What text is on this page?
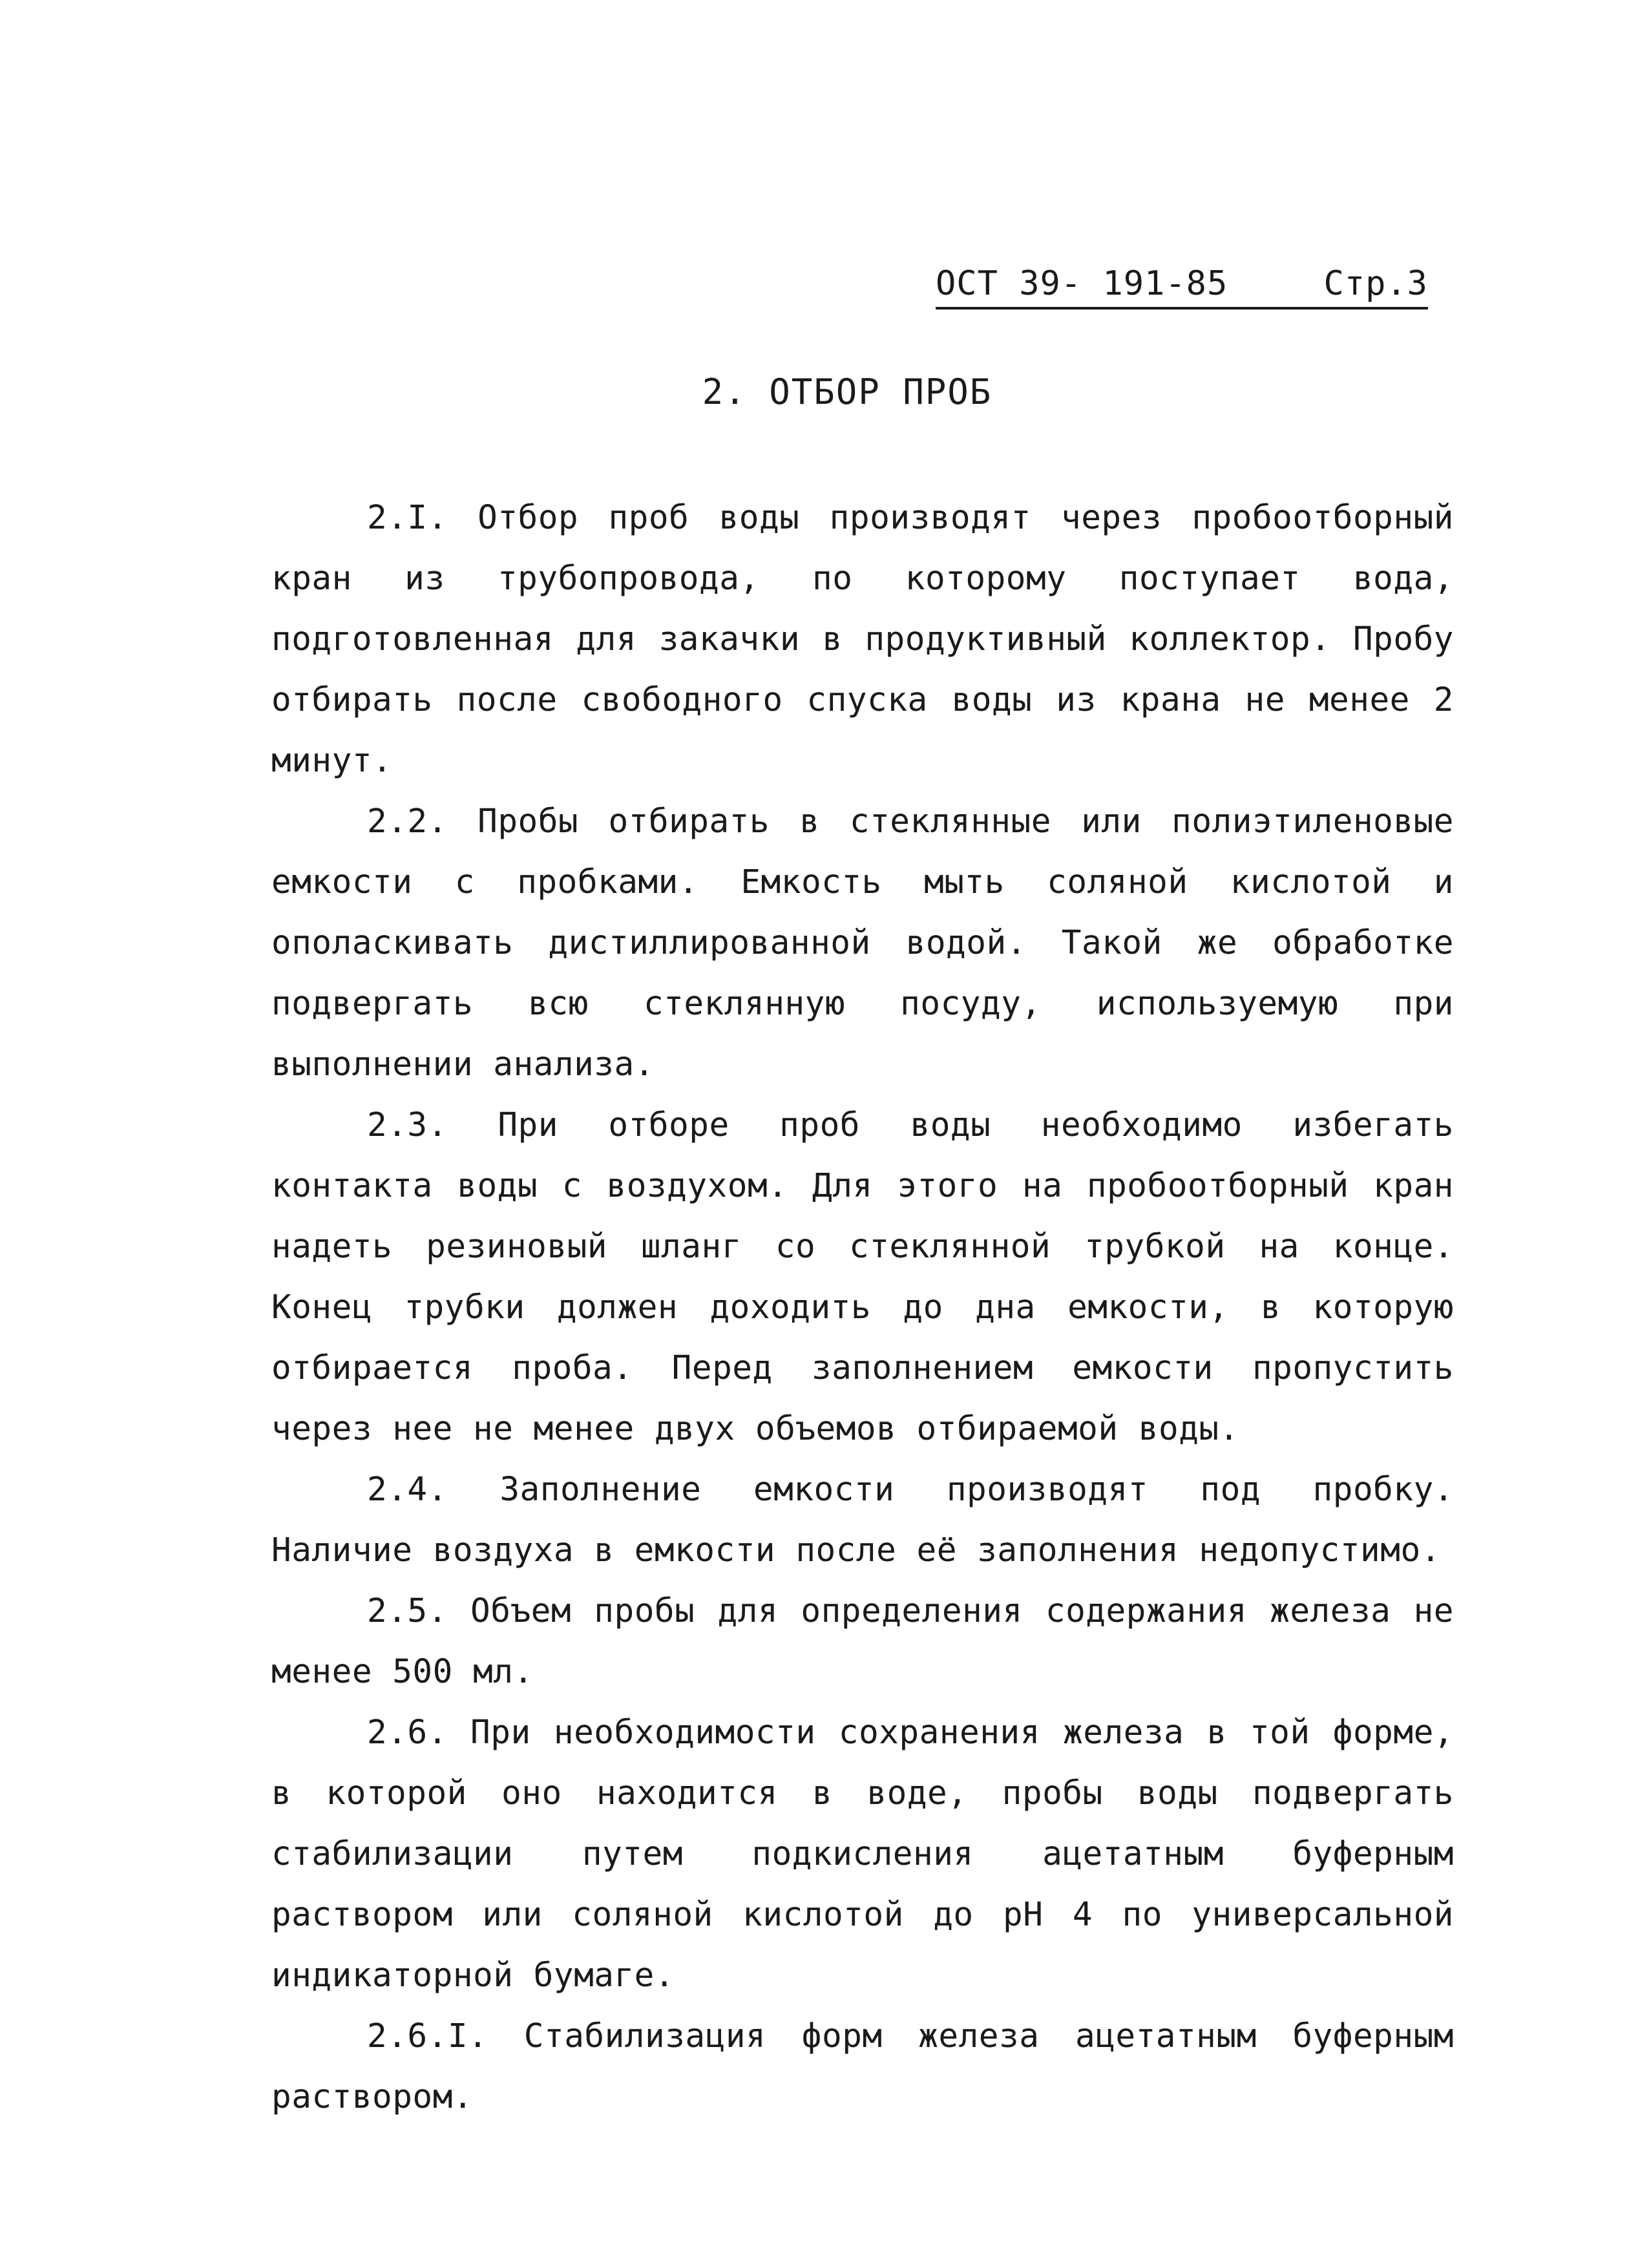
ОСТ 39- 191-85	Стр.3
2. ОТБОР ПРОБ

2.I. Отбор проб воды производят через пробоотборный кран из трубопровода, по которому поступает вода, подготовленная для закачки в продуктивный коллектор. Пробу отбирать после свободного спуска воды из крана не менее 2 минут.

2.2. Пробы отбирать в стеклянные или полиэтиленовые емкости с пробками. Емкость мыть соляной кислотой и ополаскивать дистиллированной водой. Такой же обработке подвергать всю стеклянную посуду, используемую при выполнении анализа.

2.3. При отборе проб воды необходимо избегать контакта воды с воздухом. Для этого на пробоотборный кран надеть резиновый шланг со стеклянной трубкой на конце. Конец трубки должен доходить до дна емкости, в которую отбирается проба. Перед заполнением емкости пропустить через нее не менее двух объемов отбираемой воды.

2.4. Заполнение емкости производят под пробку. Наличие воздуха в емкости после её заполнения недопустимо.

2.5. Объем пробы для определения содержания железа не менее 500 мл.

2.6. При необходимости сохранения железа в той форме, в которой оно находится в воде, пробы воды подвергать стабилизации путем подкисления ацетатным буферным раствором или соляной кислотой до pH 4 по универсальной индикаторной бумаге.

2.6.I. Стабилизация форм железа ацетатным буферным раствором.
